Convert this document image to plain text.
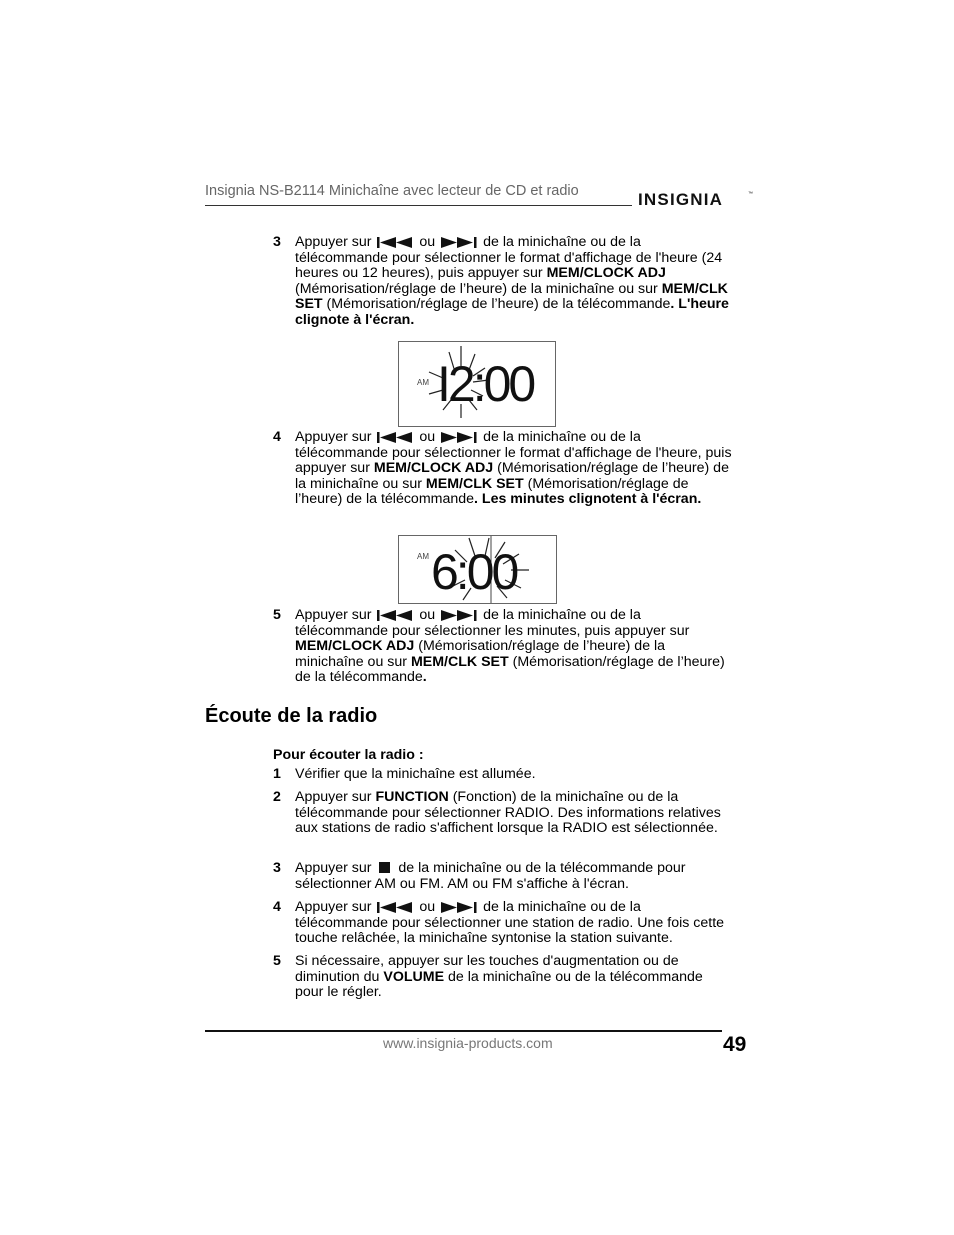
Insignia NS-B2114 Minichaîne avec lecteur de CD et radio	INSIGNIA	™
3 Appuyer sur	ou	de la minichaîne ou de la télécommande pour sélectionner le format d'affichage de l'heure (24 heures ou 12 heures), puis appuyer sur MEM/CLOCK ADJ (Mémorisation/réglage de l’heure) de la minichaîne ou sur MEM/CLK SET (Mémorisation/réglage de l’heure) de la télécommande. L'heure clignote à l'écran.
AM I2:00
4 Appuyer sur	ou	de la minichaîne ou de la télécommande pour sélectionner le format d'affichage de l'heure, puis appuyer sur MEM/CLOCK ADJ (Mémorisation/réglage de l’heure) de la minichaîne ou sur MEM/CLK SET (Mémorisation/réglage de l’heure) de la télécommande. Les minutes clignotent à l'écran.
AM 6:00
5 Appuyer sur	ou	de la minichaîne ou de la télécommande pour sélectionner les minutes, puis appuyer sur MEM/CLOCK ADJ (Mémorisation/réglage de l’heure) de la minichaîne ou sur MEM/CLK SET (Mémorisation/réglage de l’heure) de la télécommande.
Écoute de la radio
Pour écouter la radio :
1 Vérifier que la minichaîne est allumée.
2 Appuyer sur FUNCTION (Fonction) de la minichaîne ou de la télécommande pour sélectionner RADIO. Des informations relatives aux stations de radio s'affichent lorsque la RADIO est sélectionnée.
3 Appuyer sur de la minichaîne ou de la télécommande pour sélectionner AM ou FM. AM ou FM s'affiche à l'écran.
4 Appuyer sur	ou	de la minichaîne ou de la télécommande pour sélectionner une station de radio. Une fois cette touche relâchée, la minichaîne syntonise la station suivante.
5 Si nécessaire, appuyer sur les touches d'augmentation ou de diminution du VOLUME de la minichaîne ou de la télécommande pour le régler.
www.insignia-products.com	49
